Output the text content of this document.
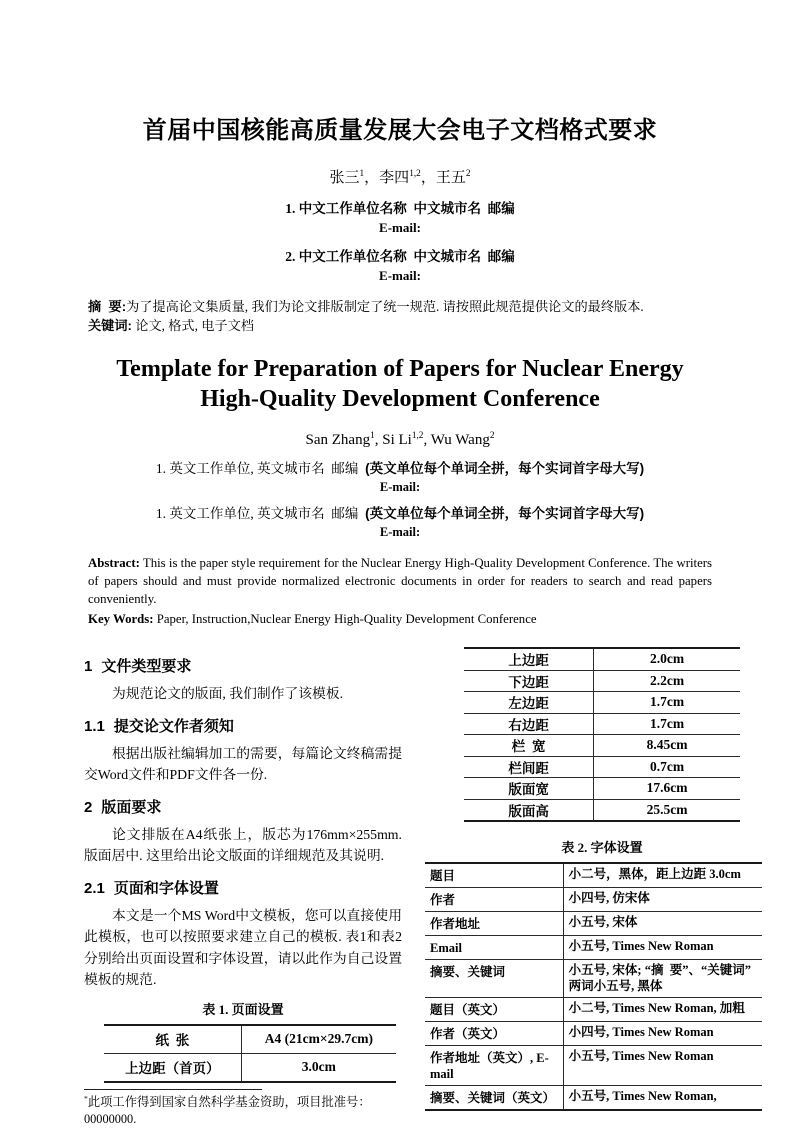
首届中国核能高质量发展大会电子文档格式要求
张三$^1$，李四$^{1,2}$，王五$^2$
1. 中文工作单位名称  中文城市名  邮编
E-mail:
2. 中文工作单位名称  中文城市名  邮编
E-mail:
摘  要:为了提高论文集质量, 我们为论文排版制定了统一规范. 请按照此规范提供论文的最终版本.
关键词: 论文, 格式, 电子文档
Template for Preparation of Papers for Nuclear Energy High-Quality Development Conference
San Zhang$^1$, Si Li$^{1,2}$, Wu Wang$^2$
1. 英文工作单位, 英文城市名  邮编  (英文单位每个单词全拼，每个实词首字母大写)
E-mail:
1. 英文工作单位, 英文城市名  邮编  (英文单位每个单词全拼，每个实词首字母大写)
E-mail:
Abstract: This is the paper style requirement for the Nuclear Energy High-Quality Development Conference. The writers of papers should and must provide normalized electronic documents in order for readers to search and read papers conveniently.
Key Words: Paper, Instruction,Nuclear Energy High-Quality Development Conference
1 文件类型要求
为规范论文的版面, 我们制作了该模板.
1.1 提交论文作者须知
根据出版社编辑加工的需要，每篇论文终稿需提交Word文件和PDF文件各一份.
2 版面要求
论文排版在A4纸张上，版芯为176mm×255mm. 版面居中. 这里给出论文版面的详细规范及其说明.
2.1 页面和字体设置
本文是一个MS Word中文模板，您可以直接使用此模板，也可以按照要求建立自己的模板. 表1和表2分别给出页面设置和字体设置，请以此作为自己设置模板的规范.
表 1. 页面设置
纸  张	A4 (21cm×29.7cm)
上边距（首页）	3.0cm
*此项工作得到国家自然科学基金资助，项目批准号：00000000.
上边距	2.0cm
下边距	2.2cm
左边距	1.7cm
右边距	1.7cm
栏  宽	8.45cm
栏间距	0.7cm
版面宽	17.6cm
版面高	25.5cm
表 2. 字体设置
题目	小二号，黑体，距上边距 3.0cm
作者	小四号, 仿宋体
作者地址	小五号, 宋体
Email	小五号, Times New Roman
摘要、关键词	小五号, 宋体; “摘  要”、“关键词” 两词小五号, 黑体
题目（英文）	小二号, Times New Roman, 加粗
作者（英文）	小四号, Times New Roman
作者地址（英文）, E-mail	小五号, Times New Roman
摘要、关键词（英文）	小五号, Times New Roman,
